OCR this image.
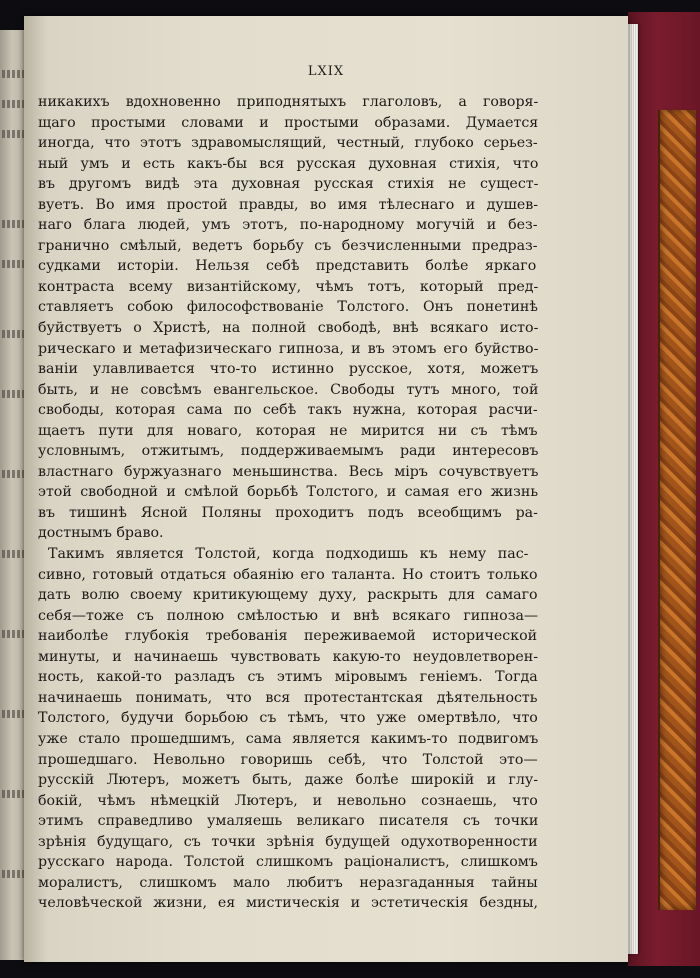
LXIX

никакихъ вдохновенно приподнятыхъ глаголовъ, а говоря-
щаго простыми словами и простыми образами. Думается
иногда, что этотъ здравомыслящий, честный, глубоко серьез-
ный умъ и есть какъ-бы вся русская духовная стихія, что
въ другомъ видѣ эта духовная русская стихія не сущест-
вуетъ. Во имя простой правды, во имя тѣлеснаго и душев-
наго блага людей, умъ этотъ, по-народному могучій и без-
гранично смѣлый, ведетъ борьбу съ безчисленными предраз-
судками исторіи. Нельзя себѣ представить болѣе яркаго
контраста всему византійскому, чѣмъ тотъ, который пред-
ставляетъ собою философствованіе Толстого. Онъ понетинѣ
буйствуетъ о Христѣ, на полной свободѣ, внѣ всякаго исто-
рическаго и метафизическаго гипноза, и въ этомъ его буйство-
ваніи улавливается что-то истинно русское, хотя, можетъ
быть, и не совсѣмъ евангельское. Свободы тутъ много, той
свободы, которая сама по себѣ такъ нужна, которая расчи-
щаетъ пути для новаго, которая не мирится ни съ тѣмъ
условнымъ, отжитымъ, поддерживаемымъ ради интересовъ
властнаго буржуазнаго меньшинства. Весь міръ сочувствуетъ
этой свободной и смѣлой борьбѣ Толстого, и самая его жизнь
въ тишинѣ Ясной Поляны проходитъ подъ всеобщимъ ра-
достнымъ браво.
Такимъ является Толстой, когда подходишь къ нему пас-
сивно, готовый отдаться обаянію его таланта. Но стоитъ только
дать волю своему критикующему духу, раскрыть для самаго
себя—тоже съ полною смѣлостью и внѣ всякаго гипноза—
наиболѣе глубокія требованія переживаемой исторической
минуты, и начинаешь чувствовать какую-то неудовлетворен-
ность, какой-то разладъ съ этимъ міровымъ геніемъ. Тогда
начинаешь понимать, что вся протестантская дѣятельность
Толстого, будучи борьбою съ тѣмъ, что уже омертвѣло, что
уже стало прошедшимъ, сама является какимъ-то подвигомъ
прошедшаго. Невольно говоришь себѣ, что Толстой это—
русскій Лютеръ, можетъ быть, даже болѣе широкій и глу-
бокій, чѣмъ нѣмецкій Лютеръ, и невольно сознаешь, что
этимъ справедливо умаляешь великаго писателя съ точки
зрѣнія будущаго, съ точки зрѣнія будущей одухотворенности
русскаго народа. Толстой слишкомъ раціоналистъ, слишкомъ
моралистъ, слишкомъ мало любитъ неразгаданныя тайны
человѣческой жизни, ея мистическія и эстетическія бездны,
